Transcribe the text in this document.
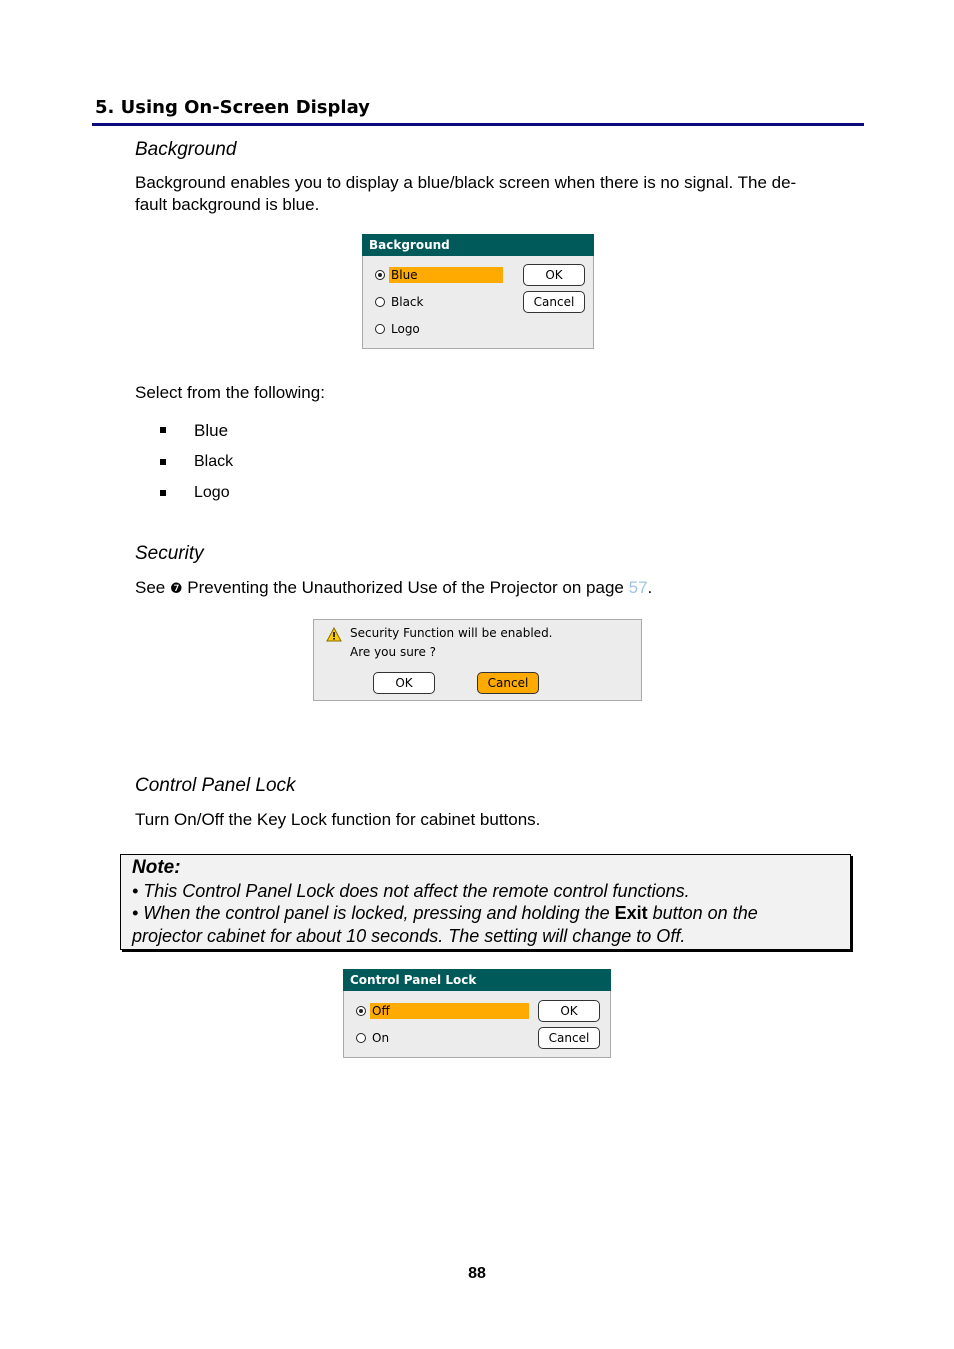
5. Using On-Screen Display
Background
Background enables you to display a blue/black screen when there is no signal. The de-
fault background is blue.
Background
Blue
Black
Logo
OK
Cancel
Select from the following:
Blue
Black
Logo
Security
See ❼ Preventing the Unauthorized Use of the Projector on page 57.
Security Function will be enabled.
Are you sure ?
OK	Cancel
Control Panel Lock
Turn On/Off the Key Lock function for cabinet buttons.
Note:
• This Control Panel Lock does not affect the remote control functions.
• When the control panel is locked, pressing and holding the Exit button on the
projector cabinet for about 10 seconds. The setting will change to Off.
Control Panel Lock
Off
On
OK
Cancel
88
